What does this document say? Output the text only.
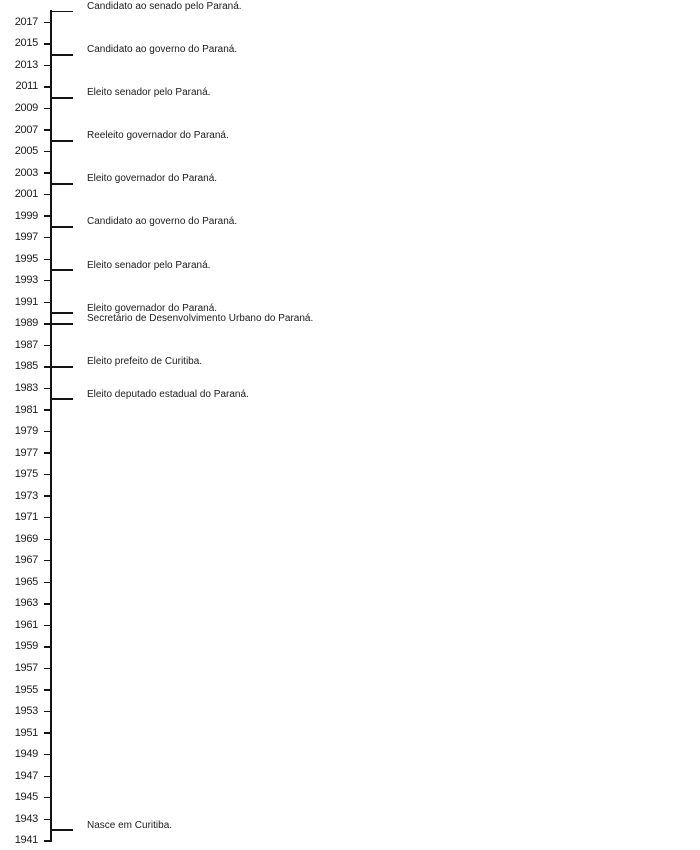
2017
2015
2013
2011
2009
2007
2005
2003
2001
1999
1997
1995
1993
1991
1989
1987
1985
1983
1981
1979
1977
1975
1973
1971
1969
1967
1965
1963
1961
1959
1957
1955
1953
1951
1949
1947
1945
1943
1941
Candidato ao senado pelo Paraná.
Candidato ao governo do Paraná.
Eleito senador pelo Paraná.
Reeleito governador do Paraná.
Eleito governador do Paraná.
Candidato ao governo do Paraná.
Eleito senador pelo Paraná.
Eleito governador do Paraná.
Secretário de Desenvolvimento Urbano do Paraná.
Eleito prefeito de Curitiba.
Eleito deputado estadual do Paraná.
Nasce em Curitiba.
